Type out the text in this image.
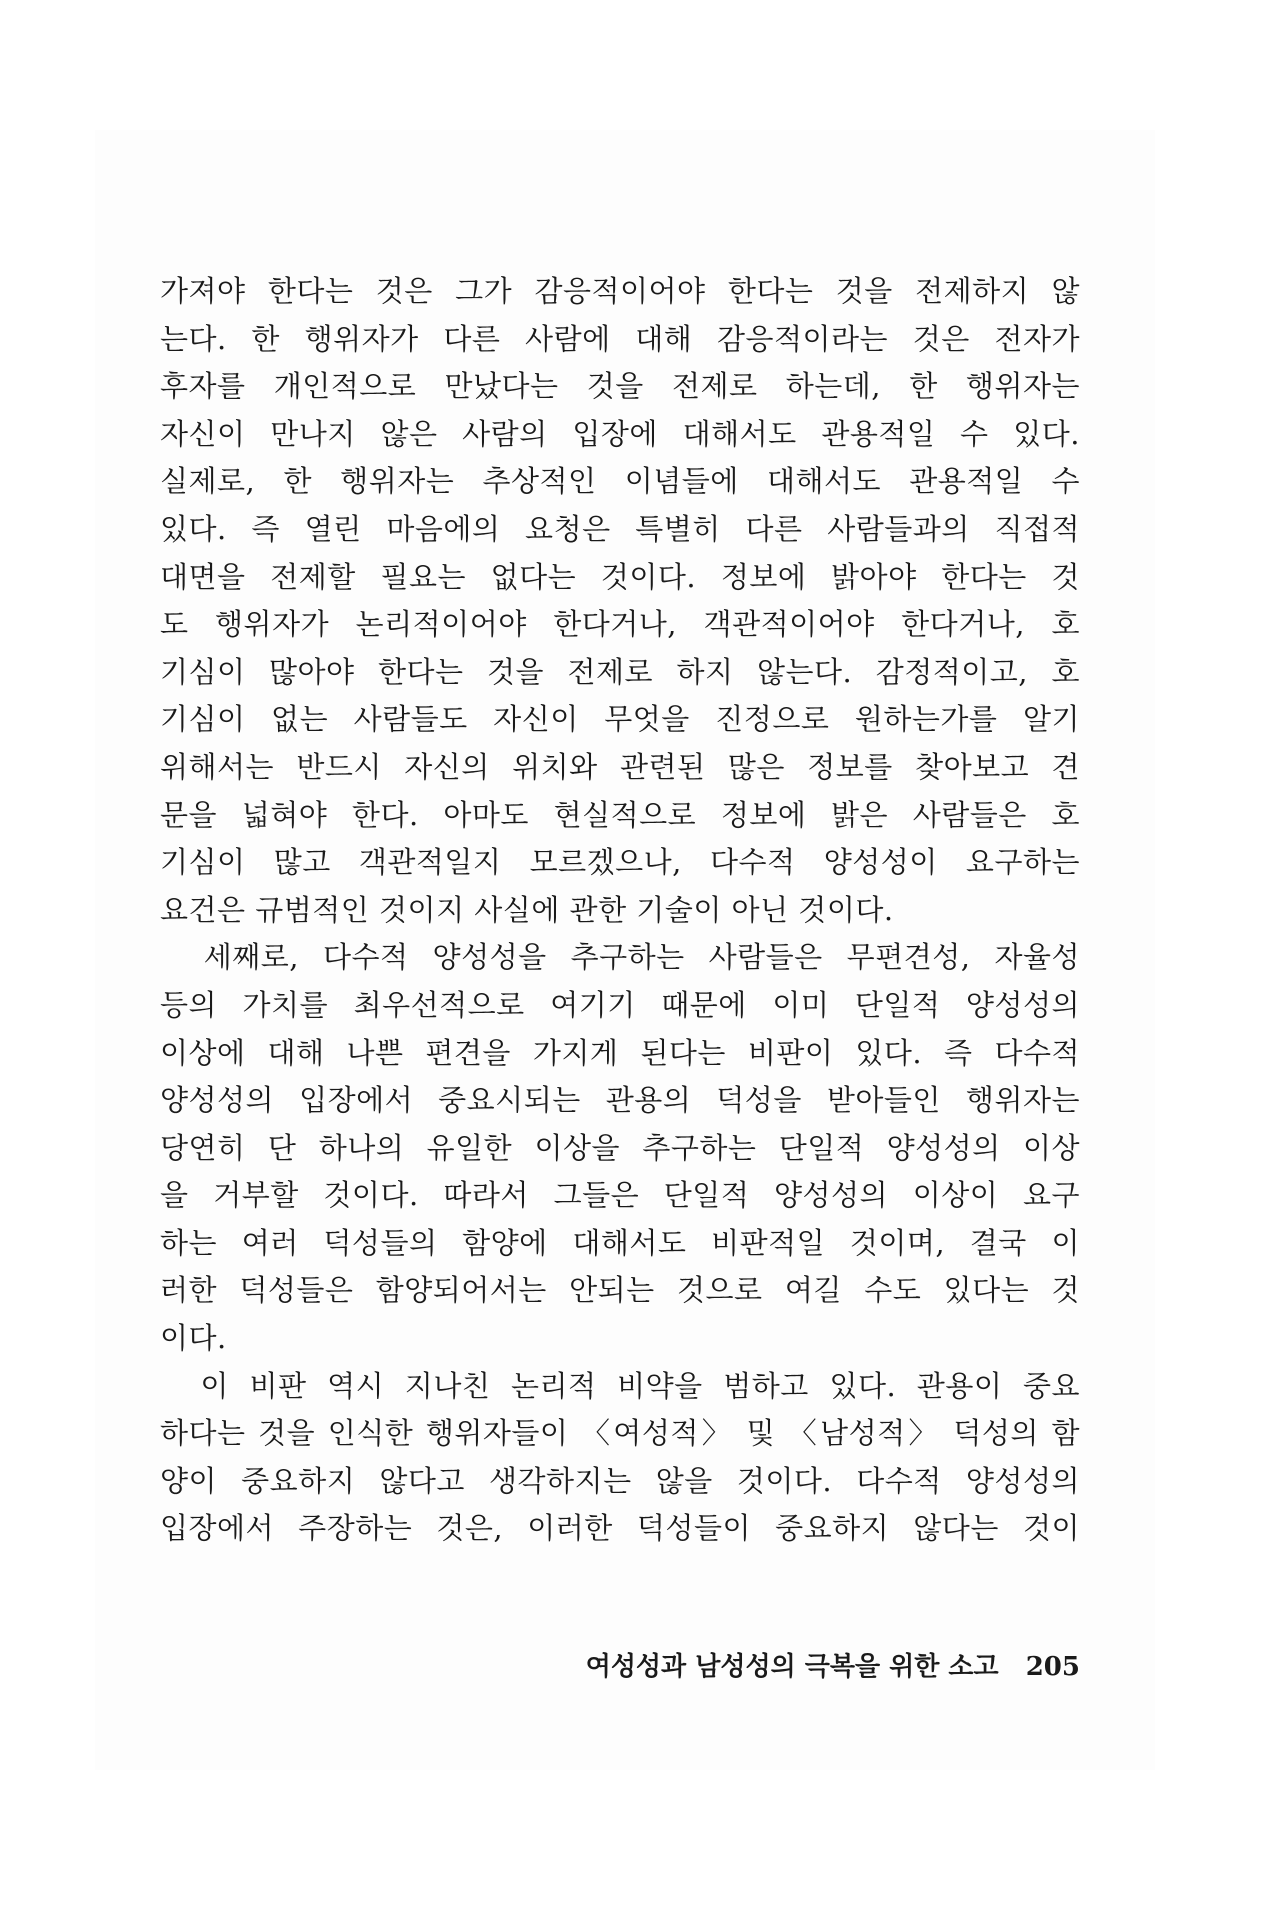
가져야 한다는 것은 그가 감응적이어야 한다는 것을 전제하지 않
는다. 한 행위자가 다른 사람에 대해 감응적이라는 것은 전자가
후자를 개인적으로 만났다는 것을 전제로 하는데, 한 행위자는
자신이 만나지 않은 사람의 입장에 대해서도 관용적일 수 있다.
실제로, 한 행위자는 추상적인 이념들에 대해서도 관용적일 수
있다. 즉 열린 마음에의 요청은 특별히 다른 사람들과의 직접적
대면을 전제할 필요는 없다는 것이다. 정보에 밝아야 한다는 것
도 행위자가 논리적이어야 한다거나, 객관적이어야 한다거나, 호
기심이 많아야 한다는 것을 전제로 하지 않는다. 감정적이고, 호
기심이 없는 사람들도 자신이 무엇을 진정으로 원하는가를 알기
위해서는 반드시 자신의 위치와 관련된 많은 정보를 찾아보고 견
문을 넓혀야 한다. 아마도 현실적으로 정보에 밝은 사람들은 호
기심이 많고 객관적일지 모르겠으나, 다수적 양성성이 요구하는
요건은 규범적인 것이지 사실에 관한 기술이 아닌 것이다.
　세째로, 다수적 양성성을 추구하는 사람들은 무편견성, 자율성
등의 가치를 최우선적으로 여기기 때문에 이미 단일적 양성성의
이상에 대해 나쁜 편견을 가지게 된다는 비판이 있다. 즉 다수적
양성성의 입장에서 중요시되는 관용의 덕성을 받아들인 행위자는
당연히 단 하나의 유일한 이상을 추구하는 단일적 양성성의 이상
을 거부할 것이다. 따라서 그들은 단일적 양성성의 이상이 요구
하는 여러 덕성들의 함양에 대해서도 비판적일 것이며, 결국 이
러한 덕성들은 함양되어서는 안되는 것으로 여길 수도 있다는 것
이다.
　이 비판 역시 지나친 논리적 비약을 범하고 있다. 관용이 중요
하다는 것을 인식한 행위자들이 〈여성적〉 및 〈남성적〉 덕성의 함
양이 중요하지 않다고 생각하지는 않을 것이다. 다수적 양성성의
입장에서 주장하는 것은, 이러한 덕성들이 중요하지 않다는 것이
여성성과 남성성의 극복을 위한 소고 205
